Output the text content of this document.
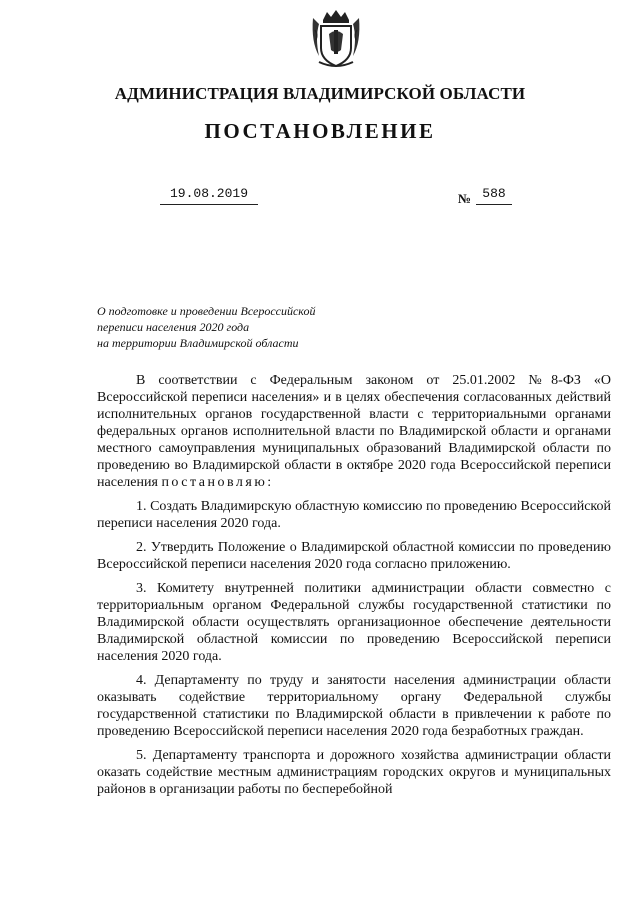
АДМИНИСТРАЦИЯ ВЛАДИМИРСКОЙ ОБЛАСТИ
ПОСТАНОВЛЕНИЕ
19.08.2019	№ 588
О подготовке и проведении Всероссийской
переписи населения 2020 года
на территории Владимирской области

В соответствии с Федеральным законом от 25.01.2002 №8-ФЗ «О Всероссийской переписи населения» и в целях обеспечения согласованных действий исполнительных органов государственной власти с территориальными органами федеральных органов исполнительной власти по Владимирской области и органами местного самоуправления муниципальных образований Владимирской области по проведению во Владимирской области в октябре 2020 года Всероссийской переписи населения постановляю:

1. Создать Владимирскую областную комиссию по проведению Всероссийской переписи населения 2020 года.

2. Утвердить Положение о Владимирской областной комиссии по проведению Всероссийской переписи населения 2020 года согласно приложению.

3. Комитету внутренней политики администрации области совместно с территориальным органом Федеральной службы государственной статистики по Владимирской области осуществлять организационное обеспечение деятельности Владимирской областной комиссии по проведению Всероссийской переписи населения 2020 года.

4. Департаменту по труду и занятости населения администрации области оказывать содействие территориальному органу Федеральной службы государственной статистики по Владимирской области в привлечении к работе по проведению Всероссийской переписи населения 2020 года безработных граждан.

5. Департаменту транспорта и дорожного хозяйства администрации области оказать содействие местным администрациям городских округов и муниципальных районов в организации работы по бесперебойной
